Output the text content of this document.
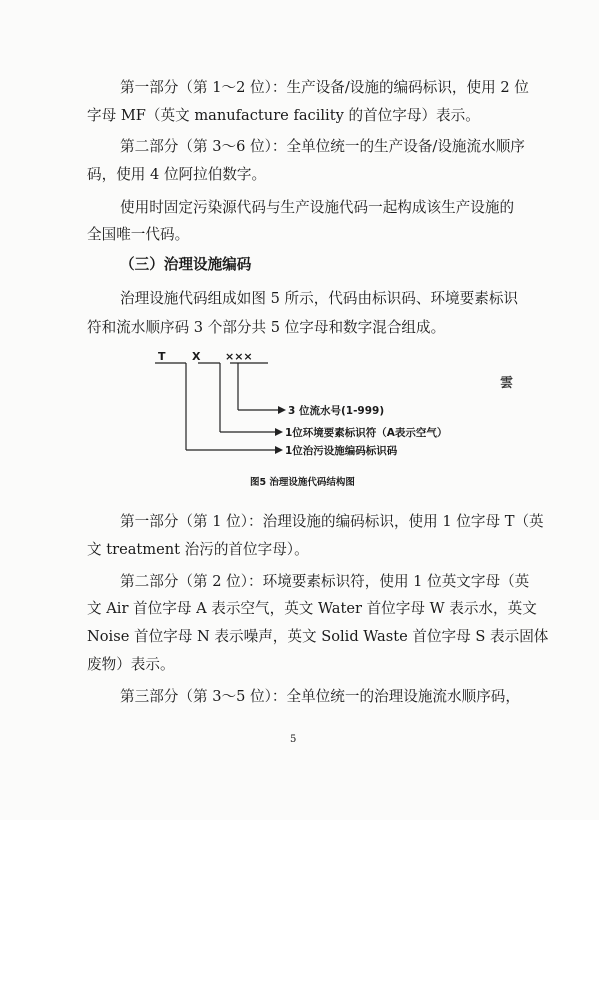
第一部分（第 1～2 位）：生产设备/设施的编码标识，使用 2 位
字母 MF（英文 manufacture facility 的首位字母）表示。
第二部分（第 3～6 位）：全单位统一的生产设备/设施流水顺序
码，使用 4 位阿拉伯数字。
使用时固定污染源代码与生产设施代码一起构成该生产设施的
全国唯一代码。
（三）治理设施编码
治理设施代码组成如图 5 所示，代码由标识码、环境要素标识
符和流水顺序码 3 个部分共 5 位字母和数字混合组成。
T X ×××
3 位流水号(1-999)
1位环境要素标识符（A表示空气）
1位治污设施编码标识码
雲
图5 治理设施代码结构图
第一部分（第 1 位）：治理设施的编码标识，使用 1 位字母 T（英
文 treatment 治污的首位字母）。
第二部分（第 2 位）：环境要素标识符，使用 1 位英文字母（英
文 Air 首位字母 A 表示空气，英文 Water 首位字母 W 表示水，英文
Noise 首位字母 N 表示噪声，英文 Solid Waste 首位字母 S 表示固体
废物）表示。
第三部分（第 3～5 位）：全单位统一的治理设施流水顺序码，
5
